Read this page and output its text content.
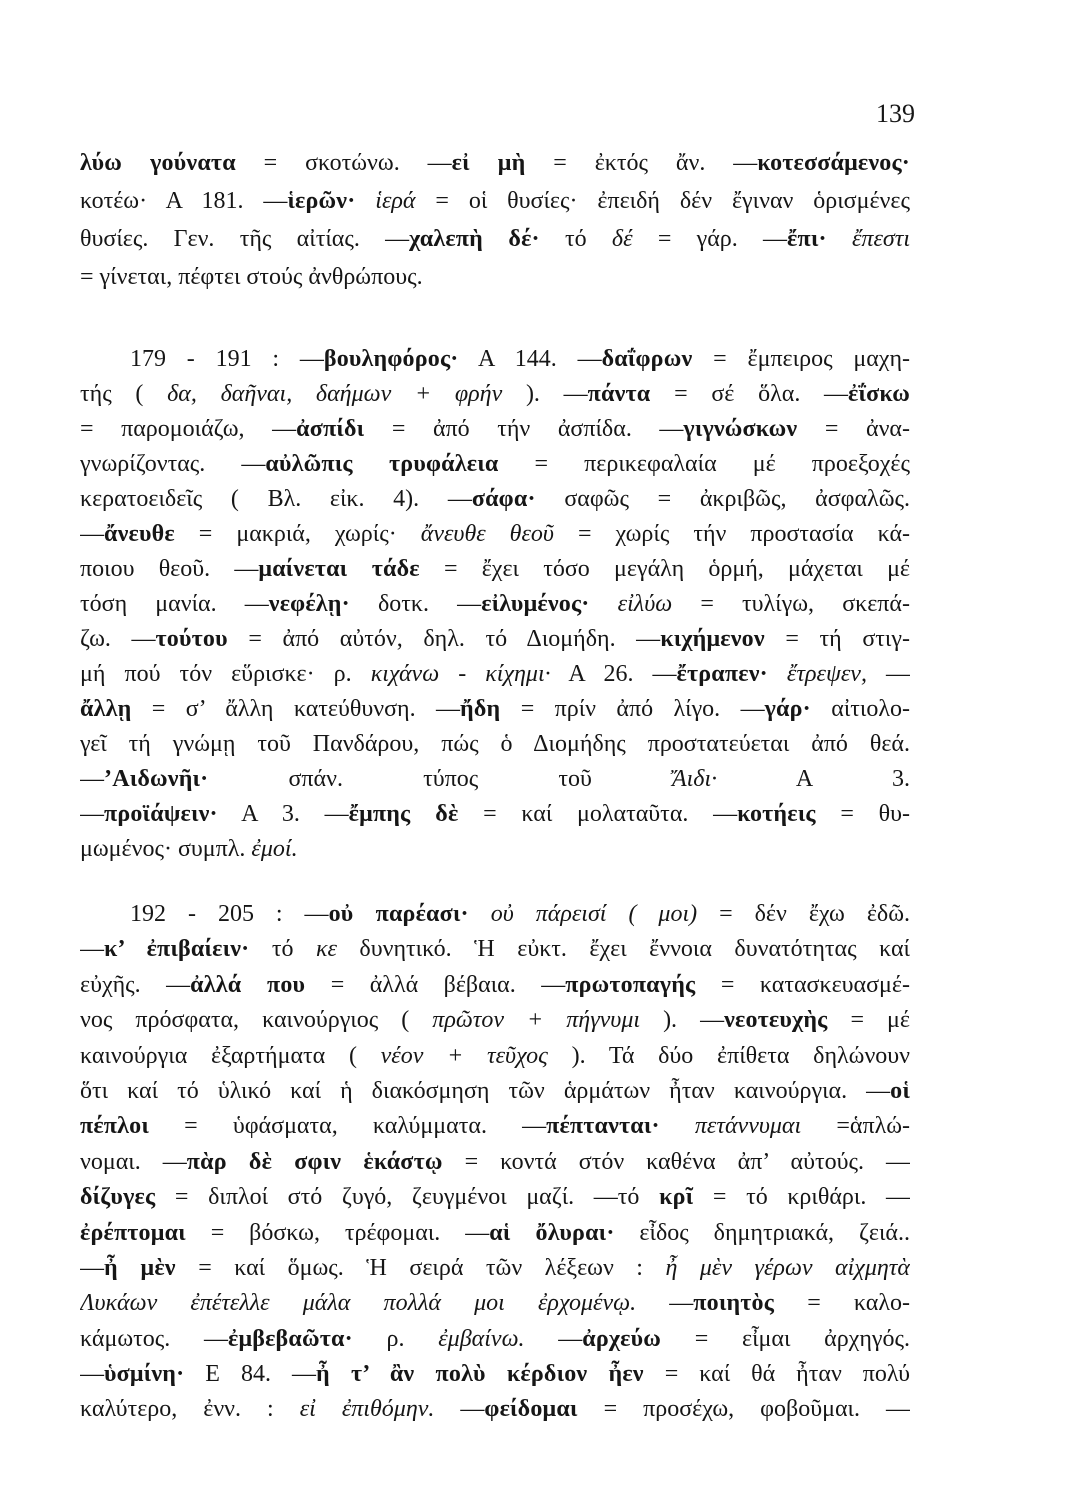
139
λύω γούνατα = σκοτώνω. —εἰ μὴ = ἐκτός ἄν. —κοτεσσάμενος·
κοτέω· Α 181. —ἱερῶν· ἱερά = οἱ θυσίες· ἐπειδή δέν ἔγιναν ὁρισμένες
θυσίες. Γεν. τῆς αἰτίας. —χαλεπὴ δέ· τό δέ = γάρ. —ἔπι· ἔπεστι
= γίνεται, πέφτει στούς ἀνθρώπους.
179 - 191 : —βουληφόρος· Α 144. —δαΐφρων = ἔμπειρος μαχη-
τής ( δα, δαῆναι, δαήμων + φρήν ). —πάντα = σέ ὅλα. —ἐΐσκω
= παρομοιάζω, —ἀσπίδι = ἀπό τήν ἀσπίδα. —γιγνώσκων = ἀνα-
γνωρίζοντας. —αὐλῶπις τρυφάλεια = περικεφαλαία μέ προεξοχές
κερατοειδεῖς ( Βλ. εἰκ. 4). —σάφα· σαφῶς = ἀκριβῶς, ἀσφαλῶς.
—ἄνευθε = μακριά, χωρίς· ἄνευθε θεοῦ = χωρίς τήν προστασία κά-
ποιου θεοῦ. —μαίνεται τάδε = ἔχει τόσο μεγάλη ὁρμή, μάχεται μέ
τόση μανία. —νεφέλῃ· δοτκ. —εἰλυμένος· εἰλύω = τυλίγω, σκεπά-
ζω. —τούτου = ἀπό αὐτόν, δηλ. τό Διομήδη. —κιχήμενον = τή στιγ-
μή πού τόν εὕρισκε· ρ. κιχάνω - κίχημι· Α 26. —ἔτραπεν· ἔτρεψεν, —
ἄλλῃ = σ’ ἄλλη κατεύθυνση. —ἤδη = πρίν ἀπό λίγο. —γάρ· αἰτιολο-
γεῖ τή γνώμῃ τοῦ Πανδάρου, πώς ὁ Διομήδης προστατεύεται ἀπό θεά.
—’Αιδωνῆι· σπάν. τύπος τοῦ Ἄιδι· Α 3.
—προϊάψειν· Α 3. —ἔμπης δὲ = καί μολαταῦτα. —κοτήεις = θυ-
μωμένος· συμπλ. ἐμοί.
192 - 205 : —οὐ παρέασι· οὐ πάρεισί ( μοι) = δέν ἔχω ἐδῶ.
—κ’ ἐπιβαίειν· τό κε δυνητικό. Ἡ εὐκτ. ἔχει ἔννοια δυνατότητας καί
εὐχῆς. —ἀλλά που = ἀλλά βέβαια. —πρωτοπαγής = κατασκευασμέ-
νος πρόσφατα, καινούργιος ( πρῶτον + πήγνυμι ). —νεοτευχὴς = μέ
καινούργια ἐξαρτήματα ( νέον + τεῦχος ). Τά δύο ἐπίθετα δηλώνουν
ὅτι καί τό ὑλικό καί ἡ διακόσμηση τῶν ἁρμάτων ἦταν καινούργια. —οἱ
πέπλοι = ὑφάσματα, καλύμματα. —πέπτανται· πετάννυμαι =ἁπλώ-
νομαι. —πὰρ δὲ σφιν ἑκάστῳ = κοντά στόν καθένα ἀπ’ αὐτούς. —
δίζυγες = διπλοί στό ζυγό, ζευγμένοι μαζί. —τό κρῖ = τό κριθάρι. —
ἐρέπτομαι = βόσκω, τρέφομαι. —αἱ ὄλυραι· εἶδος δημητριακά, ζειά..
—ἦ μὲν = καί ὅμως. Ἡ σειρά τῶν λέξεων : ἦ μὲν γέρων αἰχμητὰ
Λυκάων ἐπέτελλε μάλα πολλά μοι ἐρχομένῳ. —ποιητὸς = καλο-
κάμωτος. —ἐμβεβαῶτα· ρ. ἐμβαίνω. —ἀρχεύω = εἶμαι ἀρχηγός.
—ὑσμίνη· Ε 84. —ἦ τ’ ἂν πολὺ κέρδιον ἦεν = καί θά ἦταν πολύ
καλύτερο, ἐνν. : εἰ ἐπιθόμην. —φείδομαι = προσέχω, φοβοῦμαι. —
